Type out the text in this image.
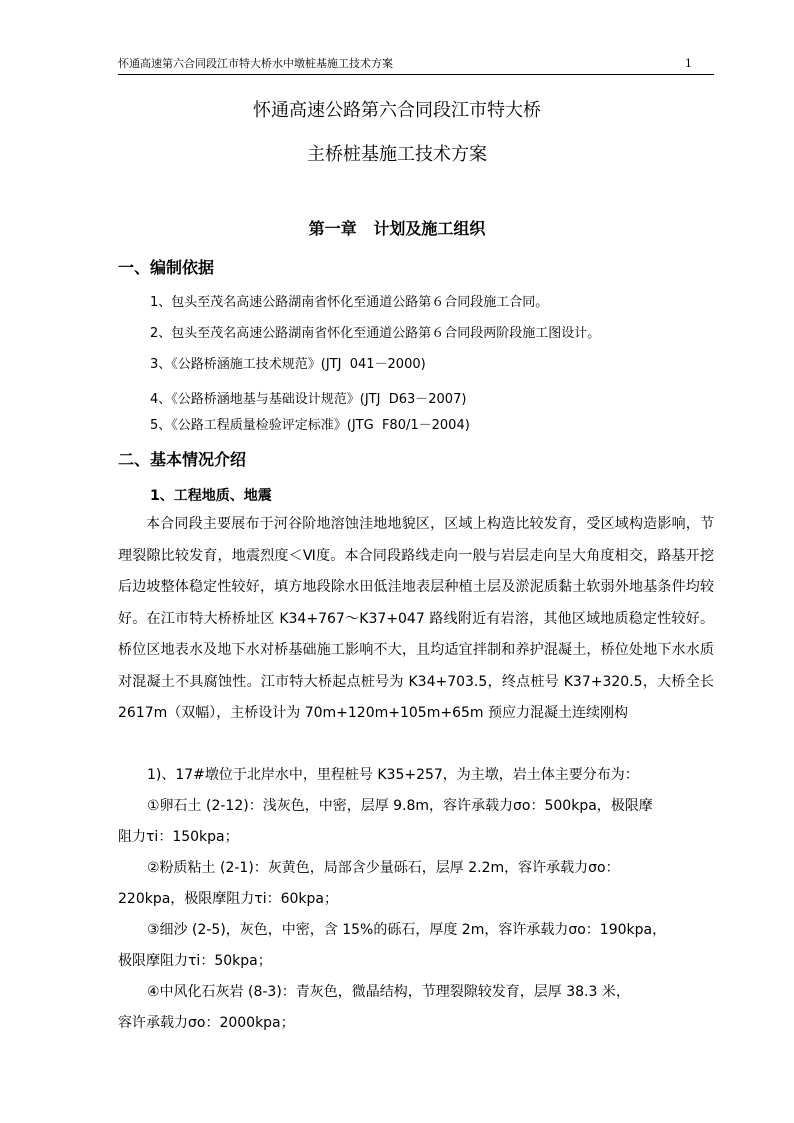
怀通高速第六合同段江市特大桥水中墩桩基施工技术方案	1
怀通高速公路第六合同段江市特大桥
主桥桩基施工技术方案
第一章   计划及施工组织
一、编制依据
1、包头至茂名高速公路湖南省怀化至通道公路第６合同段施工合同。
2、包头至茂名高速公路湖南省怀化至通道公路第６合同段两阶段施工图设计。
3、《公路桥涵施工技术规范》(JTJ  041－2000)
4、《公路桥涵地基与基础设计规范》(JTJ  D63－2007)
5、《公路工程质量检验评定标准》(JTG  F80/1－2004)
二、基本情况介绍
1、工程地质、地震
本合同段主要展布于河谷阶地溶蚀洼地地貌区，区域上构造比较发育，受区域构造影响，节理裂隙比较发育，地震烈度＜Ⅵ度。本合同段路线走向一般与岩层走向呈大角度相交，路基开挖后边坡整体稳定性较好，填方地段除水田低洼地表层种植土层及淤泥质黏土软弱外地基条件均较好。在江市特大桥桥址区 K34+767～K37+047 路线附近有岩溶，其他区域地质稳定性较好。桥位区地表水及地下水对桥基础施工影响不大，且均适宜拌制和养护混凝土，桥位处地下水水质对混凝土不具腐蚀性。江市特大桥起点桩号为 K34+703.5，终点桩号 K37+320.5，大桥全长 2617m（双幅），主桥设计为 70m+120m+105m+65m 预应力混凝土连续刚构
1)、17#墩位于北岸水中，里程桩号 K35+257，为主墩，岩土体主要分布为：
①卵石土 (2-12)：浅灰色，中密，层厚 9.8m，容许承载力σo：500kpa，极限摩
阻力τi：150kpa；
②粉质粘土 (2-1)：灰黄色，局部含少量砾石，层厚 2.2m，容许承载力σo：
220kpa，极限摩阻力τi：60kpa；
③细沙 (2-5)，灰色，中密，含 15%的砾石，厚度 2m，容许承载力σo：190kpa，
极限摩阻力τi：50kpa；
④中风化石灰岩 (8-3)：青灰色，微晶结构，节理裂隙较发育，层厚 38.3 米，
容许承载力σo：2000kpa；
